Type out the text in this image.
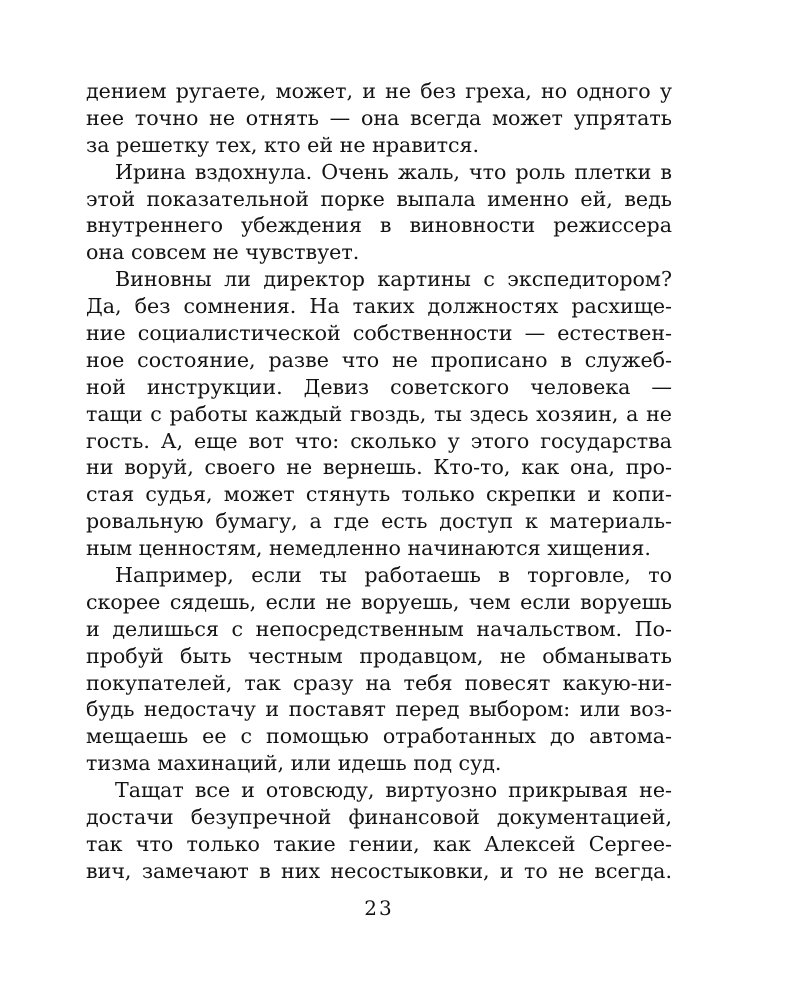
дением ругаете, может, и не без греха, но одного у
нее точно не отнять — она всегда может упрятать
за решетку тех, кто ей не нравится.
Ирина вздохнула. Очень жаль, что роль плетки в
этой показательной порке выпала именно ей, ведь
внутреннего убеждения в виновности режиссера
она совсем не чувствует.
Виновны ли директор картины с экспедитором?
Да, без сомнения. На таких должностях расхище-
ние социалистической собственности — естествен-
ное состояние, разве что не прописано в служеб-
ной инструкции. Девиз советского человека —
тащи с работы каждый гвоздь, ты здесь хозяин, а не
гость. А, еще вот что: сколько у этого государства
ни воруй, своего не вернешь. Кто-то, как она, про-
стая судья, может стянуть только скрепки и копи-
ровальную бумагу, а где есть доступ к материаль-
ным ценностям, немедленно начинаются хищения.
Например, если ты работаешь в торговле, то
скорее сядешь, если не воруешь, чем если воруешь
и делишься с непосредственным начальством. По-
пробуй быть честным продавцом, не обманывать
покупателей, так сразу на тебя повесят какую-ни-
будь недостачу и поставят перед выбором: или воз-
мещаешь ее с помощью отработанных до автома-
тизма махинаций, или идешь под суд.
Тащат все и отовсюду, виртуозно прикрывая не-
достачи безупречной финансовой документацией,
так что только такие гении, как Алексей Сергее-
вич, замечают в них несостыковки, и то не всегда.
23
